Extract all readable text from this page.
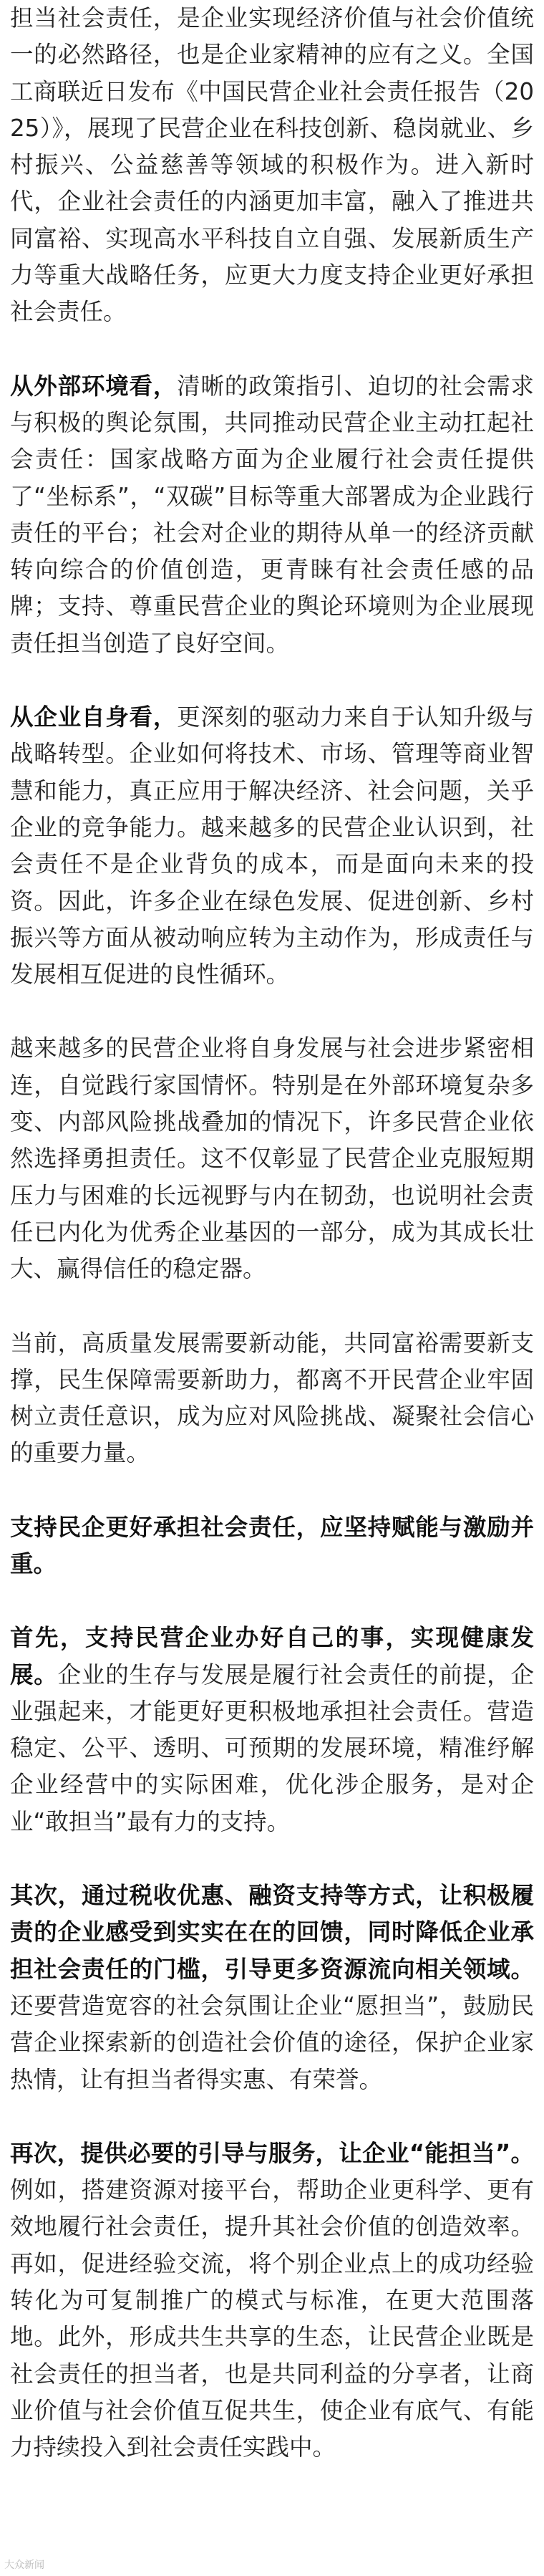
担当社会责任，是企业实现经济价值与社会价值统一的必然路径，也是企业家精神的应有之义。全国工商联近日发布《中国民营企业社会责任报告（2025）》，展现了民营企业在科技创新、稳岗就业、乡村振兴、公益慈善等领域的积极作为。进入新时代，企业社会责任的内涵更加丰富，融入了推进共同富裕、实现高水平科技自立自强、发展新质生产力等重大战略任务，应更大力度支持企业更好承担社会责任。

从外部环境看，清晰的政策指引、迫切的社会需求与积极的舆论氛围，共同推动民营企业主动扛起社会责任：国家战略方面为企业履行社会责任提供了“坐标系”，“双碳”目标等重大部署成为企业践行责任的平台；社会对企业的期待从单一的经济贡献转向综合的价值创造，更青睐有社会责任感的品牌；支持、尊重民营企业的舆论环境则为企业展现责任担当创造了良好空间。

从企业自身看，更深刻的驱动力来自于认知升级与战略转型。企业如何将技术、市场、管理等商业智慧和能力，真正应用于解决经济、社会问题，关乎企业的竞争能力。越来越多的民营企业认识到，社会责任不是企业背负的成本，而是面向未来的投资。因此，许多企业在绿色发展、促进创新、乡村振兴等方面从被动响应转为主动作为，形成责任与发展相互促进的良性循环。

越来越多的民营企业将自身发展与社会进步紧密相连，自觉践行家国情怀。特别是在外部环境复杂多变、内部风险挑战叠加的情况下，许多民营企业依然选择勇担责任。这不仅彰显了民营企业克服短期压力与困难的长远视野与内在韧劲，也说明社会责任已内化为优秀企业基因的一部分，成为其成长壮大、赢得信任的稳定器。

当前，高质量发展需要新动能，共同富裕需要新支撑，民生保障需要新助力，都离不开民营企业牢固树立责任意识，成为应对风险挑战、凝聚社会信心的重要力量。

支持民企更好承担社会责任，应坚持赋能与激励并重。

首先，支持民营企业办好自己的事，实现健康发展。企业的生存与发展是履行社会责任的前提，企业强起来，才能更好更积极地承担社会责任。营造稳定、公平、透明、可预期的发展环境，精准纾解企业经营中的实际困难，优化涉企服务，是对企业“敢担当”最有力的支持。

其次，通过税收优惠、融资支持等方式，让积极履责的企业感受到实实在在的回馈，同时降低企业承担社会责任的门槛，引导更多资源流向相关领域。还要营造宽容的社会氛围让企业“愿担当”，鼓励民营企业探索新的创造社会价值的途径，保护企业家热情，让有担当者得实惠、有荣誉。

再次，提供必要的引导与服务，让企业“能担当”。例如，搭建资源对接平台，帮助企业更科学、更有效地履行社会责任，提升其社会价值的创造效率。再如，促进经验交流，将个别企业点上的成功经验转化为可复制推广的模式与标准，在更大范围落地。此外，形成共生共享的生态，让民营企业既是社会责任的担当者，也是共同利益的分享者，让商业价值与社会价值互促共生，使企业有底气、有能力持续投入到社会责任实践中。

大众新闻
